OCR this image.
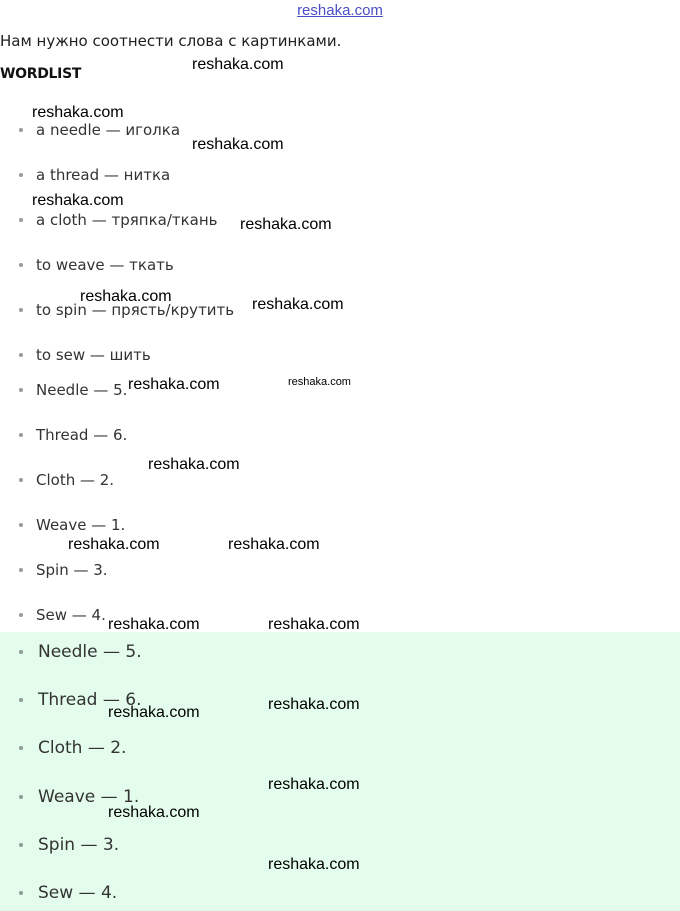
reshaka.com
Нам нужно соотнести слова с картинками.
WORDLIST
a needle — иголка
a thread — нитка
a cloth — тряпка/ткань
to weave — ткать
to spin — прясть/крутить
to sew — шить
Needle — 5.
Thread — 6.
Cloth — 2.
Weave — 1.
Spin — 3.
Sew — 4.
Needle — 5.
Thread — 6.
Cloth — 2.
Weave — 1.
Spin — 3.
Sew — 4.
reshaka.com
reshaka.com
reshaka.com
reshaka.com
reshaka.com
reshaka.com	reshaka.com
reshaka.com	reshaka.com
reshaka.com
reshaka.com	reshaka.com
reshaka.com	reshaka.com
reshaka.com
reshaka.com
reshaka.com
reshaka.com
reshaka.com
